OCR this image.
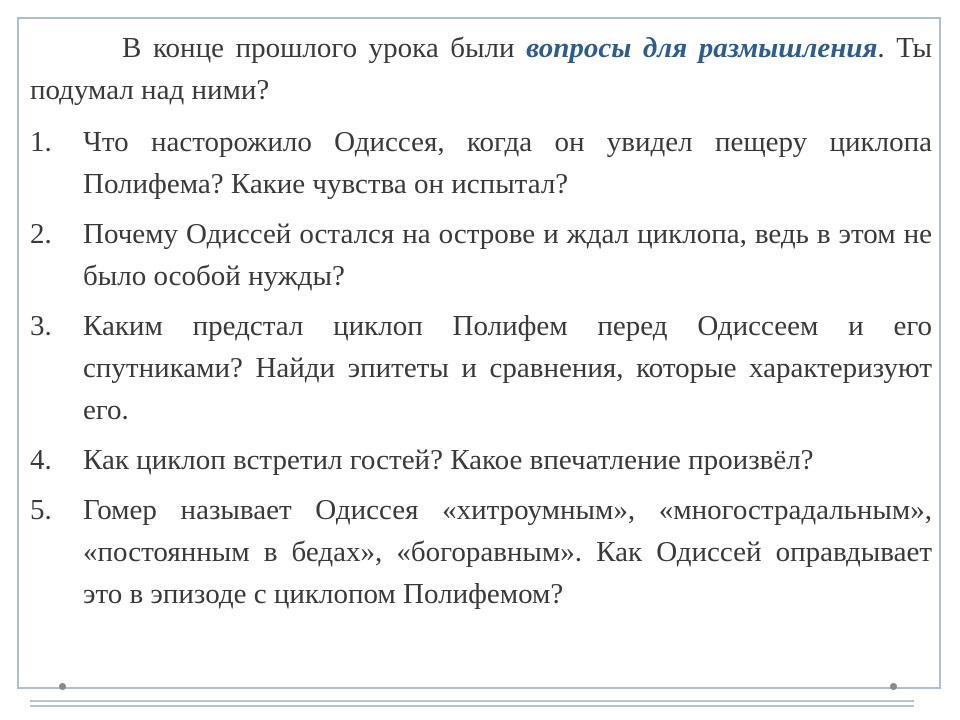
В конце прошлого урока были вопросы для размышления. Ты подумал над ними?

1.	Что насторожило Одиссея, когда он увидел пещеру циклопа Полифема? Какие чувства он испытал?
2.	Почему Одиссей остался на острове и ждал циклопа, ведь в этом не было особой нужды?
3.	Каким предстал циклоп Полифем перед Одиссеем и его спутниками? Найди эпитеты и сравнения, которые характеризуют его.
4.	Как циклоп встретил гостей? Какое впечатление произвёл?
5.	Гомер называет Одиссея «хитроумным», «многострадальным», «постоянным в бедах», «богоравным». Как Одиссей оправдывает это в эпизоде с циклопом Полифемом?
